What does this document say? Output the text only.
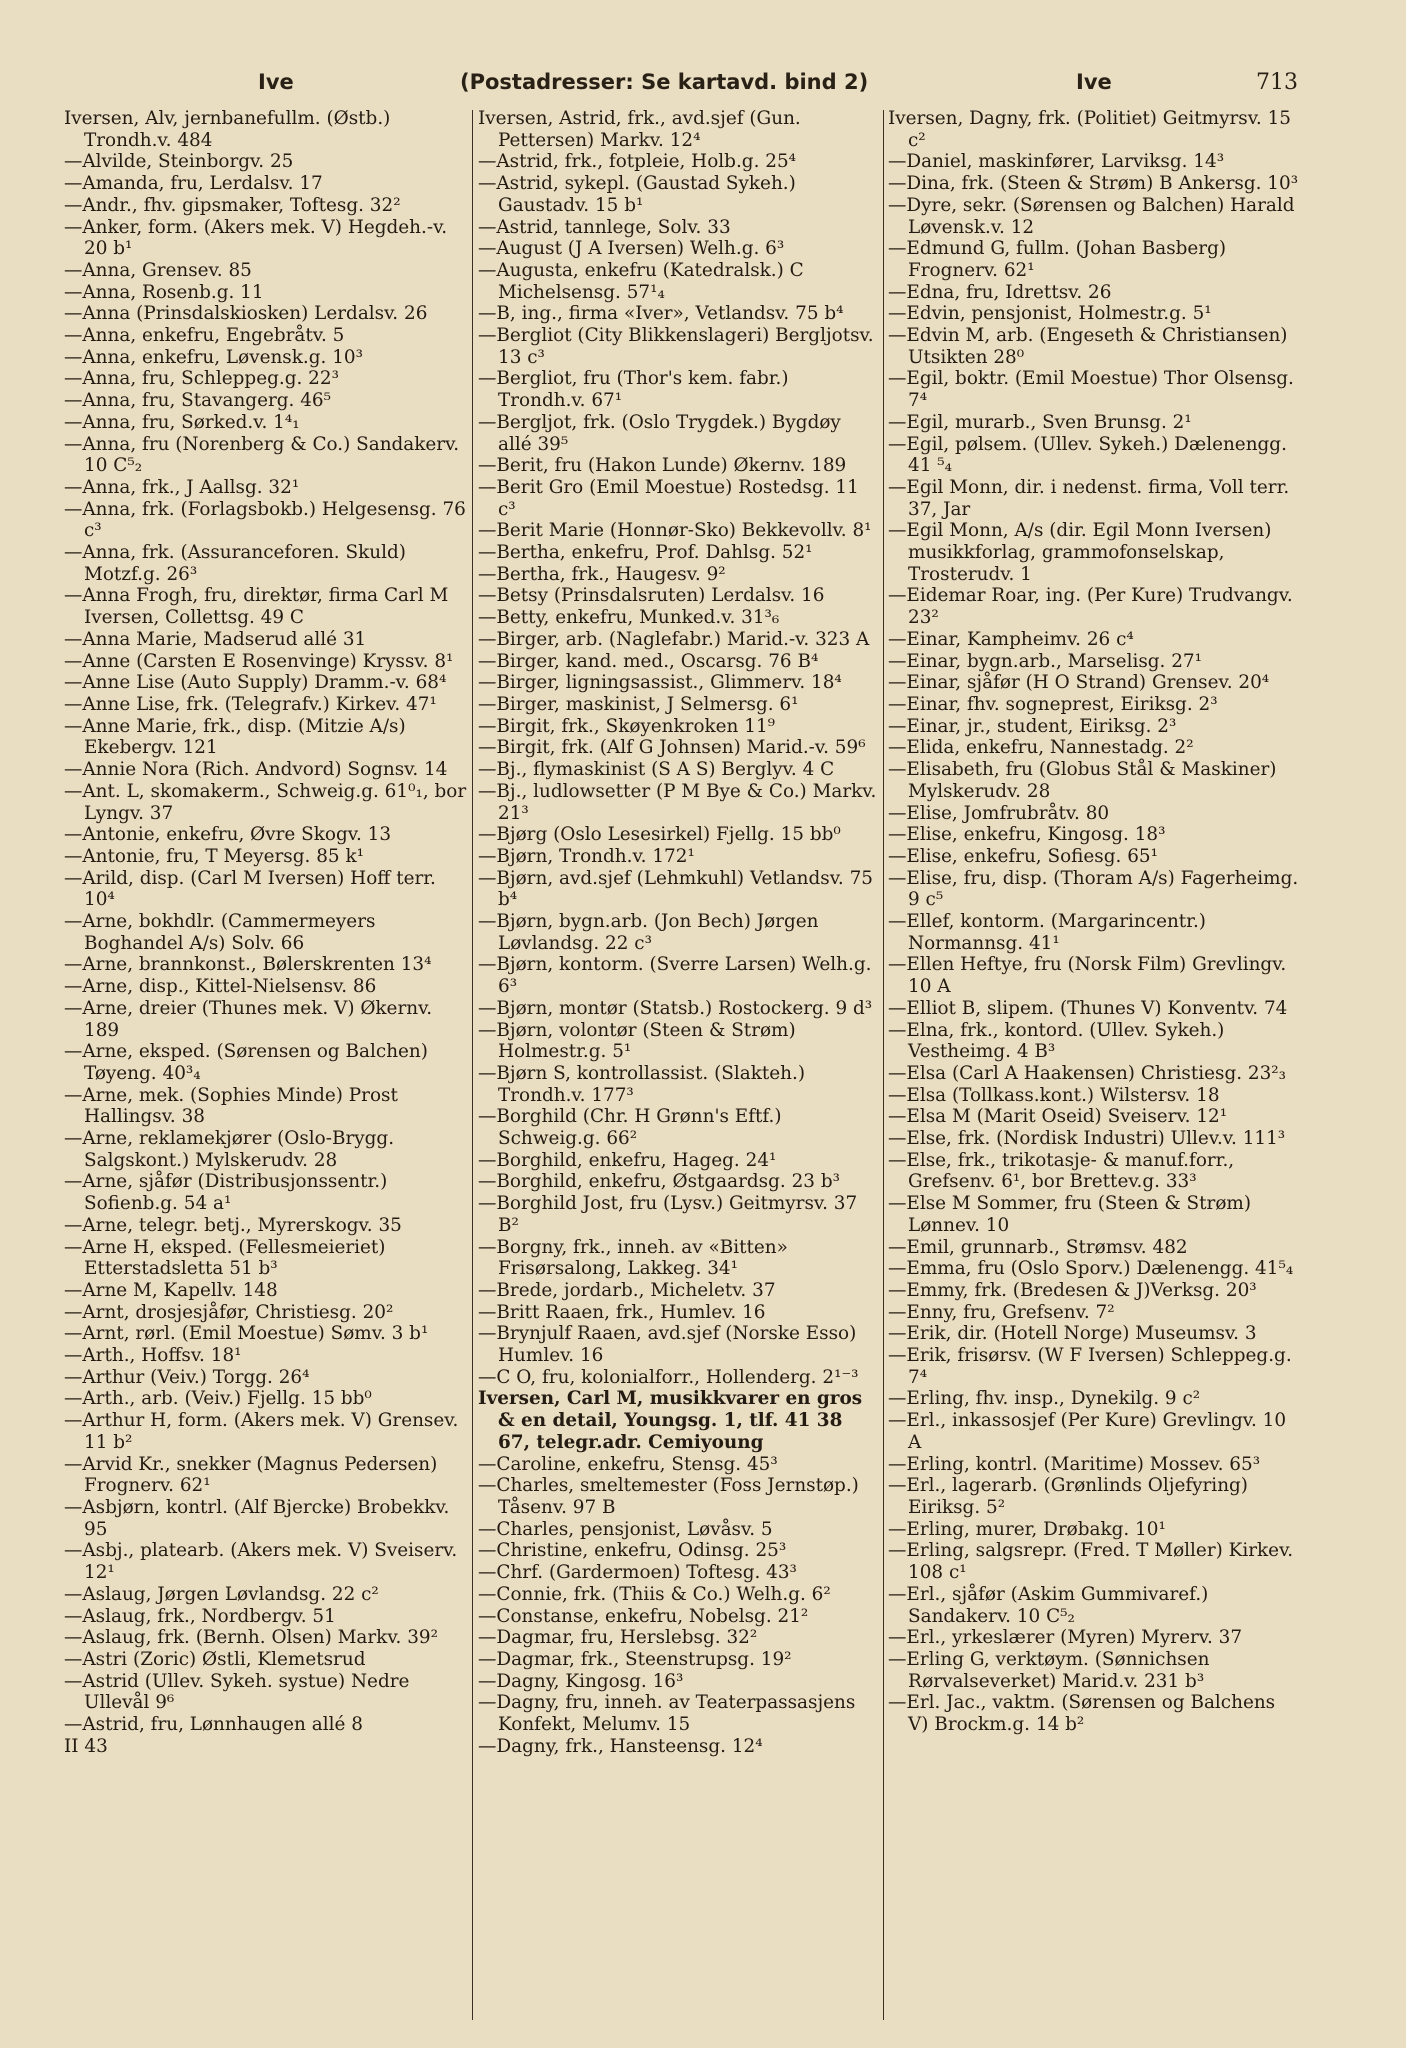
Ive	(Postadresser: Se kartavd. bind 2)	Ive	713
Iversen, Alv, jernbanefullm. (Østb.) Trondh.v. 484
—Alvilde, Steinborgv. 25
—Amanda, fru, Lerdalsv. 17
—Andr., fhv. gipsmaker, Toftesg. 32²
—Anker, form. (Akers mek. V) Hegdeh.-v. 20 b¹
—Anna, Grensev. 85
—Anna, Rosenb.g. 11
—Anna (Prinsdalskiosken) Lerdalsv. 26
—Anna, enkefru, Engebråtv. 5
—Anna, enkefru, Løvensk.g. 10³
—Anna, fru, Schleppeg.g. 22³
—Anna, fru, Stavangerg. 46⁵
—Anna, fru, Sørked.v. 1⁴₁
—Anna, fru (Norenberg & Co.) Sandakerv. 10 C⁵₂
—Anna, frk., J Aallsg. 32¹
—Anna, frk. (Forlagsbokb.) Helgesensg. 76 c³
—Anna, frk. (Assuranceforen. Skuld) Motzf.g. 26³
—Anna Frogh, fru, direktør, firma Carl M Iversen, Collettsg. 49 C
—Anna Marie, Madserud allé 31
—Anne (Carsten E Rosenvinge) Kryssv. 8¹
—Anne Lise (Auto Supply) Dramm.-v. 68⁴
—Anne Lise, frk. (Telegrafv.) Kirkev. 47¹
—Anne Marie, frk., disp. (Mitzie A/s) Ekebergv. 121
—Annie Nora (Rich. Andvord) Sognsv. 14
—Ant. L, skomakerm., Schweig.g. 61⁰₁, bor Lyngv. 37
—Antonie, enkefru, Øvre Skogv. 13
—Antonie, fru, T Meyersg. 85 k¹
—Arild, disp. (Carl M Iversen) Hoff terr. 10⁴
—Arne, bokhdlr. (Cammermeyers Boghandel A/s) Solv. 66
—Arne, brannkonst., Bølerskrenten 13⁴
—Arne, disp., Kittel-Nielsensv. 86
—Arne, dreier (Thunes mek. V) Økernv. 189
—Arne, eksped. (Sørensen og Balchen) Tøyeng. 40³₄
—Arne, mek. (Sophies Minde) Prost Hallingsv. 38
—Arne, reklamekjører (Oslo-Brygg. Salgskont.) Mylskerudv. 28
—Arne, sjåfør (Distribusjonssentr.) Sofienb.g. 54 a¹
—Arne, telegr. betj., Myrerskogv. 35
—Arne H, eksped. (Fellesmeieriet) Etterstadsletta 51 b³
—Arne M, Kapellv. 148
—Arnt, drosjesjåfør, Christiesg. 20²
—Arnt, rørl. (Emil Moestue) Sømv. 3 b¹
—Arth., Hoffsv. 18¹
—Arthur (Veiv.) Torgg. 26⁴
—Arth., arb. (Veiv.) Fjellg. 15 bb⁰
—Arthur H, form. (Akers mek. V) Grensev. 11 b²
—Arvid Kr., snekker (Magnus Pedersen) Frognerv. 62¹
—Asbjørn, kontrl. (Alf Bjercke) Brobekkv. 95
—Asbj., platearb. (Akers mek. V) Sveiserv. 12¹
—Aslaug, Jørgen Løvlandsg. 22 c²
—Aslaug, frk., Nordbergv. 51
—Aslaug, frk. (Bernh. Olsen) Markv. 39²
—Astri (Zoric) Østli, Klemetsrud
—Astrid (Ullev. Sykeh. systue) Nedre Ullevål 9⁶
—Astrid, fru, Lønnhaugen allé 8
II 43
Iversen, Astrid, frk., avd.sjef (Gun. Pettersen) Markv. 12⁴
—Astrid, frk., fotpleie, Holb.g. 25⁴
—Astrid, sykepl. (Gaustad Sykeh.) Gaustadv. 15 b¹
—Astrid, tannlege, Solv. 33
—August (J A Iversen) Welh.g. 6³
—Augusta, enkefru (Katedralsk.) C Michelsensg. 57¹₄
—B, ing., firma «Iver», Vetlandsv. 75 b⁴
—Bergliot (City Blikkenslageri) Bergljotsv. 13 c³
—Bergliot, fru (Thor's kem. fabr.) Trondh.v. 67¹
—Bergljot, frk. (Oslo Trygdek.) Bygdøy allé 39⁵
—Berit, fru (Hakon Lunde) Økernv. 189
—Berit Gro (Emil Moestue) Rostedsg. 11 c³
—Berit Marie (Honnør-Sko) Bekkevollv. 8¹
—Bertha, enkefru, Prof. Dahlsg. 52¹
—Bertha, frk., Haugesv. 9²
—Betsy (Prinsdalsruten) Lerdalsv. 16
—Betty, enkefru, Munked.v. 31³₆
—Birger, arb. (Naglefabr.) Marid.-v. 323 A
—Birger, kand. med., Oscarsg. 76 B⁴
—Birger, ligningsassist., Glimmerv. 18⁴
—Birger, maskinist, J Selmersg. 6¹
—Birgit, frk., Skøyenkroken 11⁹
—Birgit, frk. (Alf G Johnsen) Marid.-v. 59⁶
—Bj., flymaskinist (S A S) Berglyv. 4 C
—Bj., ludlowsetter (P M Bye & Co.) Markv. 21³
—Bjørg (Oslo Lesesirkel) Fjellg. 15 bb⁰
—Bjørn, Trondh.v. 172¹
—Bjørn, avd.sjef (Lehmkuhl) Vetlandsv. 75 b⁴
—Bjørn, bygn.arb. (Jon Bech) Jørgen Løvlandsg. 22 c³
—Bjørn, kontorm. (Sverre Larsen) Welh.g. 6³
—Bjørn, montør (Statsb.) Rostockerg. 9 d³
—Bjørn, volontør (Steen & Strøm) Holmestr.g. 5¹
—Bjørn S, kontrollassist. (Slakteh.) Trondh.v. 177³
—Borghild (Chr. H Grønn's Eftf.) Schweig.g. 66²
—Borghild, enkefru, Hageg. 24¹
—Borghild, enkefru, Østgaardsg. 23 b³
—Borghild Jost, fru (Lysv.) Geitmyrsv. 37 B²
—Borgny, frk., inneh. av «Bitten» Frisørsalong, Lakkeg. 34¹
—Brede, jordarb., Micheletv. 37
—Britt Raaen, frk., Humlev. 16
—Brynjulf Raaen, avd.sjef (Norske Esso) Humlev. 16
—C O, fru, kolonialforr., Hollenderg. 2¹⁻³
Iversen, Carl M, musikkvarer en gros & en detail, Youngsg. 1, tlf. 41 38 67, telegr.adr. Cemiyoung
—Caroline, enkefru, Stensg. 45³
—Charles, smeltemester (Foss Jernstøp.) Tåsenv. 97 B
—Charles, pensjonist, Løvåsv. 5
—Christine, enkefru, Odinsg. 25³
—Chrf. (Gardermoen) Toftesg. 43³
—Connie, frk. (Thiis & Co.) Welh.g. 6²
—Constanse, enkefru, Nobelsg. 21²
—Dagmar, fru, Herslebsg. 32²
—Dagmar, frk., Steenstrupsg. 19²
—Dagny, Kingosg. 16³
—Dagny, fru, inneh. av Teaterpassasjens Konfekt, Melumv. 15
—Dagny, frk., Hansteensg. 12⁴
Iversen, Dagny, frk. (Politiet) Geitmyrsv. 15 c²
—Daniel, maskinfører, Larviksg. 14³
—Dina, frk. (Steen & Strøm) B Ankersg. 10³
—Dyre, sekr. (Sørensen og Balchen) Harald Løvensk.v. 12
—Edmund G, fullm. (Johan Basberg) Frognerv. 62¹
—Edna, fru, Idrettsv. 26
—Edvin, pensjonist, Holmestr.g. 5¹
—Edvin M, arb. (Engeseth & Christiansen) Utsikten 28⁰
—Egil, boktr. (Emil Moestue) Thor Olsensg. 7⁴
—Egil, murarb., Sven Brunsg. 2¹
—Egil, pølsem. (Ullev. Sykeh.) Dælenengg. 41 ⁵₄
—Egil Monn, dir. i nedenst. firma, Voll terr. 37, Jar
—Egil Monn, A/s (dir. Egil Monn Iversen) musikkforlag, grammofonselskap, Trosterudv. 1
—Eidemar Roar, ing. (Per Kure) Trudvangv. 23²
—Einar, Kampheimv. 26 c⁴
—Einar, bygn.arb., Marselisg. 27¹
—Einar, sjåfør (H O Strand) Grensev. 20⁴
—Einar, fhv. sogneprest, Eiriksg. 2³
—Einar, jr., student, Eiriksg. 2³
—Elida, enkefru, Nannestadg. 2²
—Elisabeth, fru (Globus Stål & Maskiner) Mylskerudv. 28
—Elise, Jomfrubråtv. 80
—Elise, enkefru, Kingosg. 18³
—Elise, enkefru, Sofiesg. 65¹
—Elise, fru, disp. (Thoram A/s) Fagerheimg. 9 c⁵
—Ellef, kontorm. (Margarincentr.) Normannsg. 41¹
—Ellen Heftye, fru (Norsk Film) Grevlingv. 10 A
—Elliot B, slipem. (Thunes V) Konventv. 74
—Elna, frk., kontord. (Ullev. Sykeh.) Vestheimg. 4 B³
—Elsa (Carl A Haakensen) Christiesg. 23²₃
—Elsa (Tollkass.kont.) Wilstersv. 18
—Elsa M (Marit Oseid) Sveiserv. 12¹
—Else, frk. (Nordisk Industri) Ullev.v. 111³
—Else, frk., trikotasje- & manuf.forr., Grefsenv. 6¹, bor Brettev.g. 33³
—Else M Sommer, fru (Steen & Strøm) Lønnev. 10
—Emil, grunnarb., Strømsv. 482
—Emma, fru (Oslo Sporv.) Dælenengg. 41⁵₄
—Emmy, frk. (Bredesen & J)Verksg. 20³
—Enny, fru, Grefsenv. 7²
—Erik, dir. (Hotell Norge) Museumsv. 3
—Erik, frisørsv. (W F Iversen) Schleppeg.g. 7⁴
—Erling, fhv. insp., Dynekilg. 9 c²
—Erl., inkassosjef (Per Kure) Grevlingv. 10 A
—Erling, kontrl. (Maritime) Mossev. 65³
—Erl., lagerarb. (Grønlinds Oljefyring) Eiriksg. 5²
—Erling, murer, Drøbakg. 10¹
—Erling, salgsrepr. (Fred. T Møller) Kirkev. 108 c¹
—Erl., sjåfør (Askim Gummivaref.) Sandakerv. 10 C⁵₂
—Erl., yrkeslærer (Myren) Myrerv. 37
—Erling G, verktøym. (Sønnichsen Rørvalseverket) Marid.v. 231 b³
—Erl. Jac., vaktm. (Sørensen og Balchens V) Brockm.g. 14 b²
